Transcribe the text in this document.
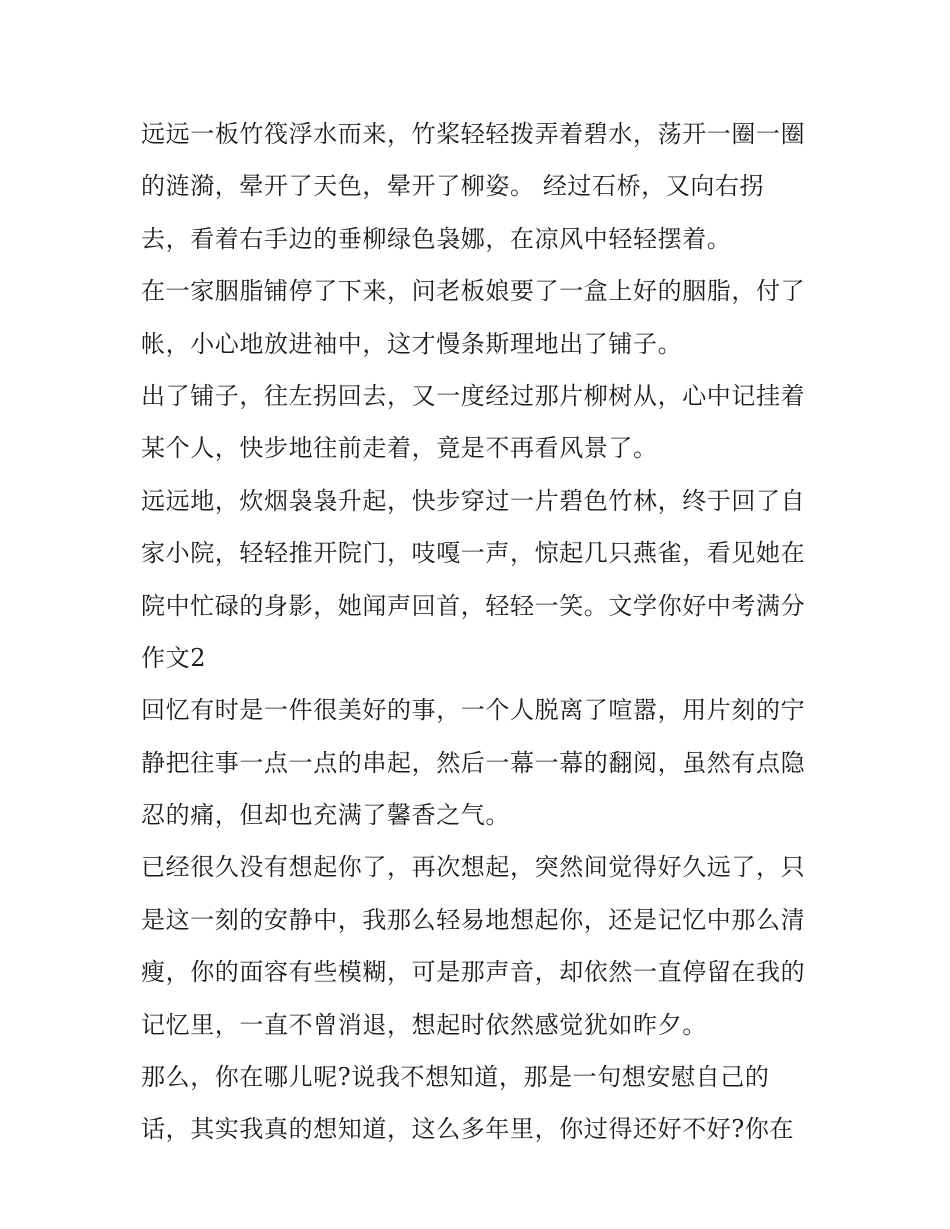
远远一板竹筏浮水而来，竹桨轻轻拨弄着碧水，荡开一圈一圈
的涟漪，晕开了天色，晕开了柳姿。 经过石桥，又向右拐
去，看着右手边的垂柳绿色袅娜，在凉风中轻轻摆着。
在一家胭脂铺停了下来，问老板娘要了一盒上好的胭脂，付了
帐，小心地放进袖中，这才慢条斯理地出了铺子。
出了铺子，往左拐回去，又一度经过那片柳树从，心中记挂着
某个人，快步地往前走着，竟是不再看风景了。
远远地，炊烟袅袅升起，快步穿过一片碧色竹林，终于回了自
家小院，轻轻推开院门，吱嘎一声，惊起几只燕雀，看见她在
院中忙碌的身影，她闻声回首，轻轻一笑。文学你好中考满分
作文2
回忆有时是一件很美好的事，一个人脱离了喧嚣，用片刻的宁
静把往事一点一点的串起，然后一幕一幕的翻阅，虽然有点隐
忍的痛，但却也充满了馨香之气。
已经很久没有想起你了，再次想起，突然间觉得好久远了，只
是这一刻的安静中，我那么轻易地想起你，还是记忆中那么清
瘦，你的面容有些模糊，可是那声音，却依然一直停留在我的
记忆里，一直不曾消退，想起时依然感觉犹如昨夕。
那么，你在哪儿呢?说我不想知道，那是一句想安慰自己的
话，其实我真的想知道，这么多年里，你过得还好不好?你在
